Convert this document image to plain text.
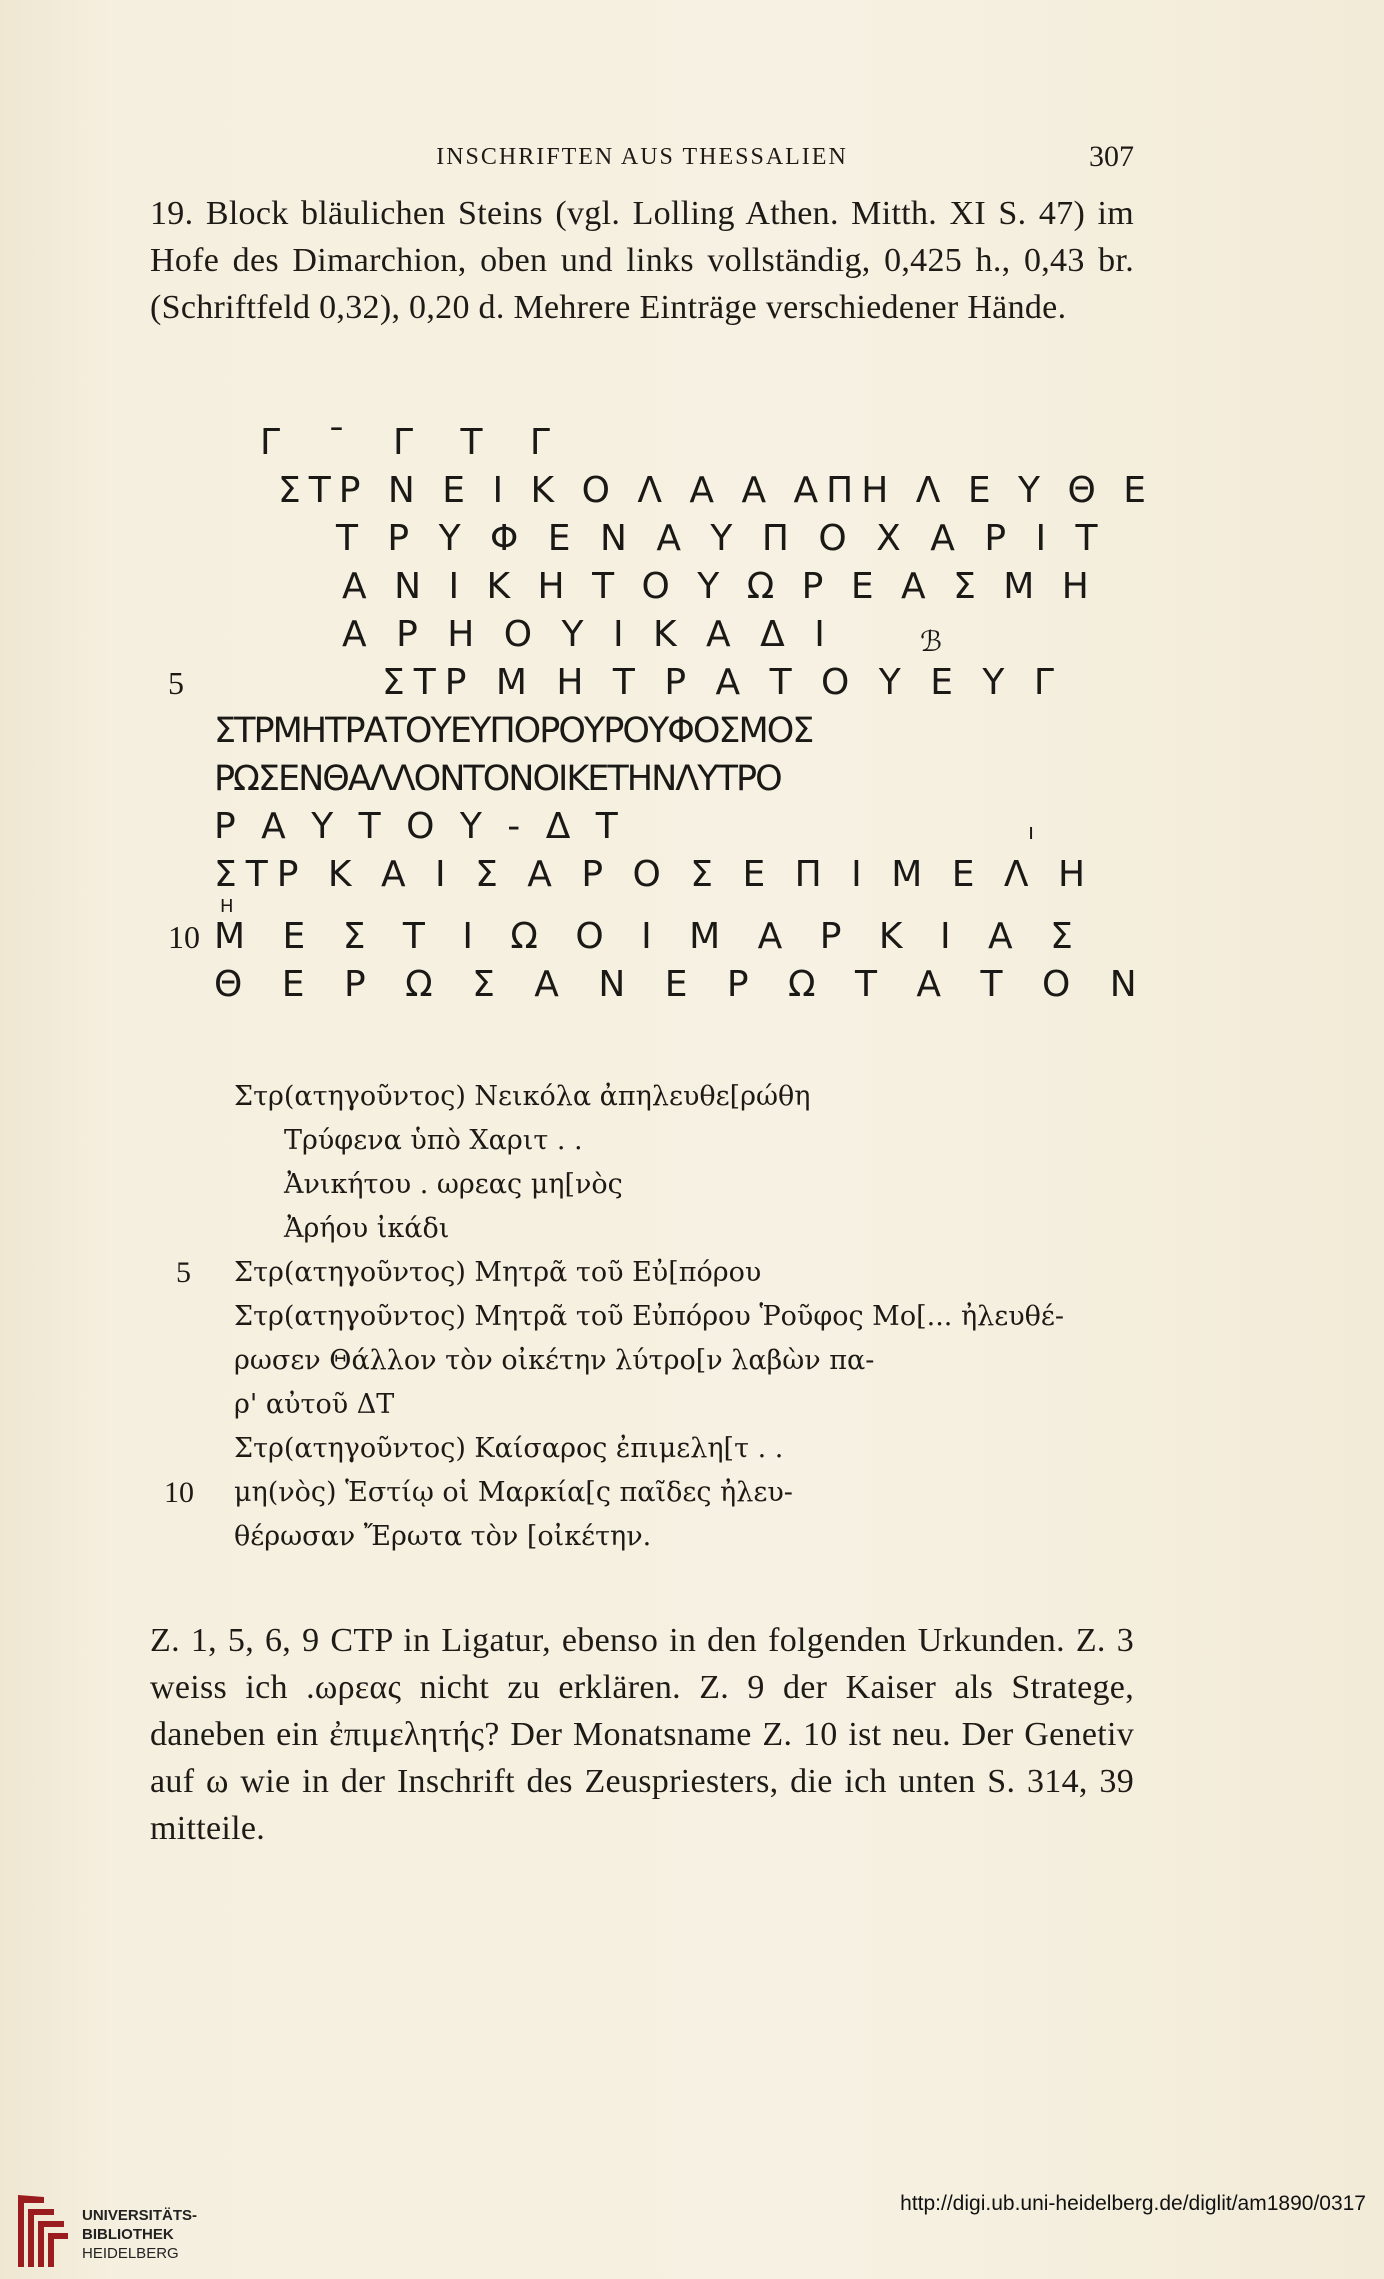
INSCHRIFTEN AUS THESSALIEN	307
19. Block bläulichen Steins (vgl. Lolling Athen. Mitth. XI S. 47) im Hofe des Dimarchion, oben und links vollständig, 0,425 h., 0,43 br. (Schriftfeld 0,32), 0,20 d. Mehrere Einträge verschiedener Hände.
Γ ¯ Γ Τ Γ
ΣΤΡ Ν Ε Ι Κ Ο Λ Α Α ΑΠΗ Λ Ε Υ Θ Ε
Τ Ρ Υ Φ Ε Ν Α Υ Π Ο Χ Α Ρ Ι Τ
Α Ν Ι Κ Η Τ Ο Υ Ω Ρ Ε Α Σ Μ Η
Α Ρ Η Ο Υ Ι Κ Α Δ Ι	ℬ
5	ΣΤΡ Μ Η Τ Ρ Α Τ Ο Υ Ε Υ Γ
ΣΤΡΜΗΤΡΑΤΟΥΕΥΠΟΡΟΥΡΟΥΦΟΣΜΟΣ
ΡΩΣΕΝΘΑΛΛΟΝΤΟΝΟΙΚΕΤΗΝΛΥΤΡΟ
Ρ Α Υ Τ Ο Υ - Δ Τ	ı
ΣΤΡ Κ Α Ι Σ Α Ρ Ο Σ Ε Π Ι Μ Ε Λ Η
Η
10 Μ Ε Σ Τ Ι Ω Ο Ι Μ Α Ρ Κ Ι Α Σ
Θ Ε Ρ Ω Σ Α Ν Ε Ρ Ω Τ Α Τ Ο Ν
Στρ(ατηγοῦντος) Νεικόλα ἀπηλευθε[ρώθη
Τρύφενα ὑπὸ Χαριτ . .
Ἀνικήτου . ωρεας μη[νὸς
Ἀρήου ἰκάδι
5 Στρ(ατηγοῦντος) Μητρᾶ τοῦ Εὐ[πόρου
Στρ(ατηγοῦντος) Μητρᾶ τοῦ Εὐπόρου Ῥοῦφος Μο[... ἠλευθέ-
ρωσεν Θάλλον τὸν οἰκέτην λύτρο[ν λαβὼν πα-
ρ' αὐτοῦ ΔΤ
Στρ(ατηγοῦντος) Καίσαρος ἐπιμελη[τ . .
10 μη(νὸς) Ἑστίῳ οἱ Μαρκία[ς παῖδες ἠλευ-
θέρωσαν Ἔρωτα τὸν [οἰκέτην.
Z. 1, 5, 6, 9 CTP in Ligatur, ebenso in den folgenden Urkunden. Z. 3 weiss ich .ωρεας nicht zu erklären. Z. 9 der Kaiser als Stratege, daneben ein ἐπιμελητής? Der Monatsname Z. 10 ist neu. Der Genetiv auf ω wie in der Inschrift des Zeuspriesters, die ich unten S. 314, 39 mitteile.
UNIVERSITÄTS-
BIBLIOTHEK
HEIDELBERG
http://digi.ub.uni-heidelberg.de/diglit/am1890/0317
